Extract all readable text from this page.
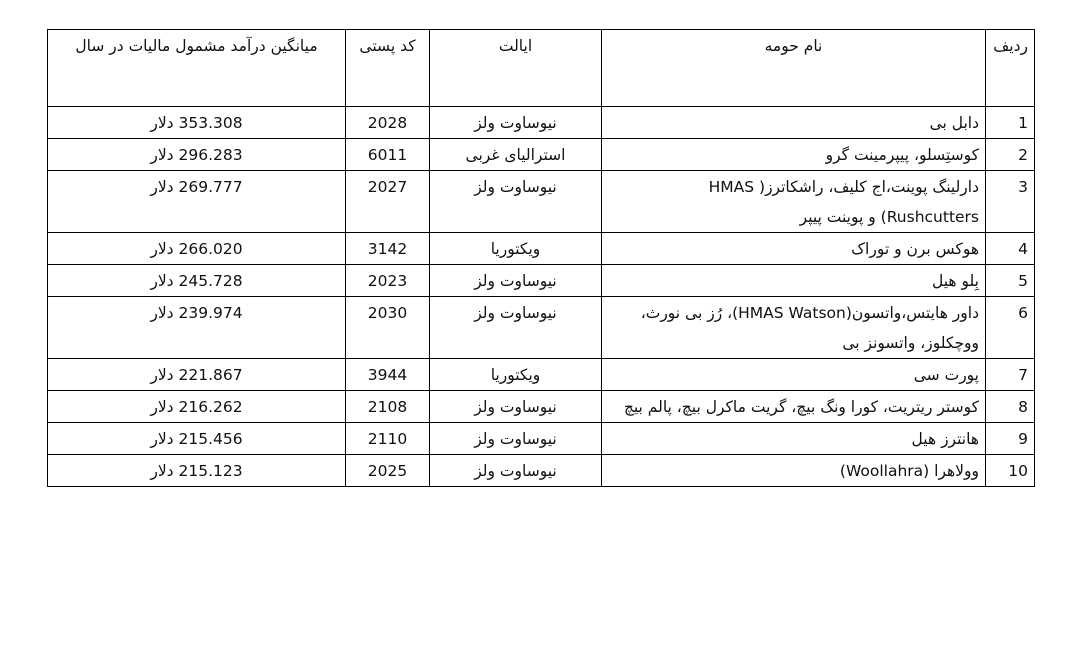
ردیف	نام حومه	ایالت	کد پستی	میانگین درآمد مشمول مالیات در سال
1	دابل بی	نیوساوت ولز	2028	353.308 دلار
2	کوستِسلو، پیپرمینت گرو	استرالیای غربی	6011	296.283 دلار
3	دارلینگ پوینت،اج کلیف، راشکاترز( HMAS Rushcutters) و پوینت پیپر	نیوساوت ولز	2027	269.777 دلار
4	هوکس برن و توراک	ویکتوریا	3142	266.020 دلار
5	بِلو هیل	نیوساوت ولز	2023	245.728 دلار
6	داور هایتس،واتسون(HMAS Watson)، رُز بی نورث، ووچکلوز، واتسونز بی	نیوساوت ولز	2030	239.974 دلار
7	پورت سی	ویکتوریا	3944	221.867 دلار
8	کوستر ریتریت، کورا ونگ بیچ، گریت ماکرل بیچ، پالم بیچ	نیوساوت ولز	2108	216.262 دلار
9	هانترز هیل	نیوساوت ولز	2110	215.456 دلار
10	وولاهرا (Woollahra)	نیوساوت ولز	2025	215.123 دلار
